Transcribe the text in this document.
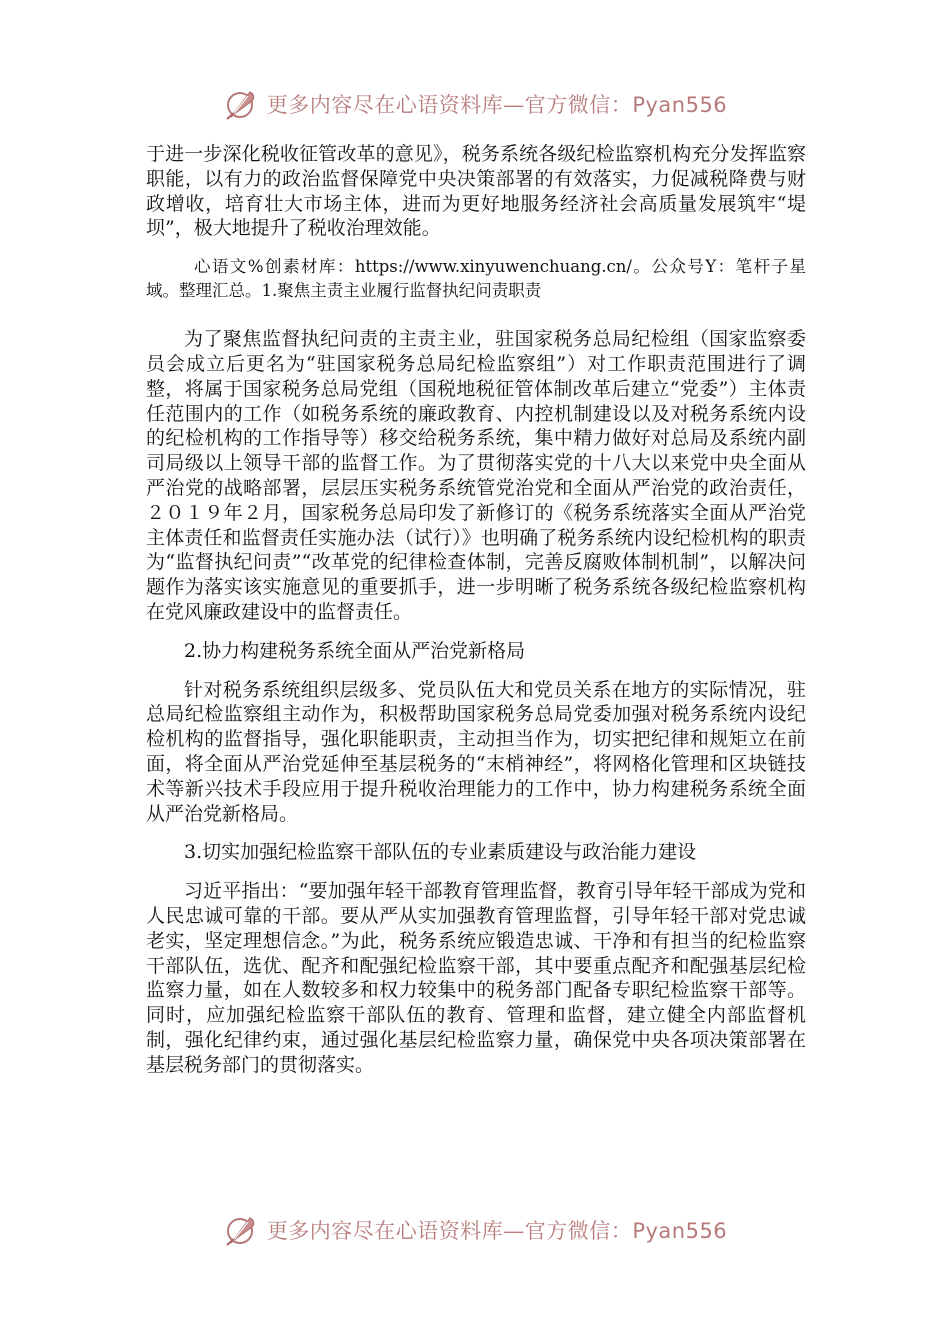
更多内容尽在心语资料库—官方微信：Pyan556

于进一步深化税收征管改革的意见》，税务系统各级纪检监察机构充分发挥监察职能，以有力的政治监督保障党中央决策部署的有效落实，力促减税降费与财政增收，培育壮大市场主体，进而为更好地服务经济社会高质量发展筑牢“堤坝”，极大地提升了税收治理效能。

心语文%创素材库：https://www.xinyuwenchuang.cn/。公众号Y：笔杆子星域。整理汇总。1.聚焦主责主业履行监督执纪问责职责

为了聚焦监督执纪问责的主责主业，驻国家税务总局纪检组（国家监察委员会成立后更名为“驻国家税务总局纪检监察组”）对工作职责范围进行了调整，将属于国家税务总局党组（国税地税征管体制改革后建立“党委”）主体责任范围内的工作（如税务系统的廉政教育、内控机制建设以及对税务系统内设的纪检机构的工作指导等）移交给税务系统，集中精力做好对总局及系统内副司局级以上领导干部的监督工作。为了贯彻落实党的十八大以来党中央全面从严治党的战略部署，层层压实税务系统管党治党和全面从严治党的政治责任，２０１９年２月，国家税务总局印发了新修订的《税务系统落实全面从严治党主体责任和监督责任实施办法（试行）》也明确了税务系统内设纪检机构的职责为“监督执纪问责”“改革党的纪律检查体制，完善反腐败体制机制”，以解决问题作为落实该实施意见的重要抓手，进一步明晰了税务系统各级纪检监察机构在党风廉政建设中的监督责任。

2.协力构建税务系统全面从严治党新格局

针对税务系统组织层级多、党员队伍大和党员关系在地方的实际情况，驻总局纪检监察组主动作为，积极帮助国家税务总局党委加强对税务系统内设纪检机构的监督指导，强化职能职责，主动担当作为，切实把纪律和规矩立在前面，将全面从严治党延伸至基层税务的“末梢神经”，将网格化管理和区块链技术等新兴技术手段应用于提升税收治理能力的工作中，协力构建税务系统全面从严治党新格局。

3.切实加强纪检监察干部队伍的专业素质建设与政治能力建设

习近平指出：“要加强年轻干部教育管理监督，教育引导年轻干部成为党和人民忠诚可靠的干部。要从严从实加强教育管理监督，引导年轻干部对党忠诚老实，坚定理想信念。”为此，税务系统应锻造忠诚、干净和有担当的纪检监察干部队伍，选优、配齐和配强纪检监察干部，其中要重点配齐和配强基层纪检监察力量，如在人数较多和权力较集中的税务部门配备专职纪检监察干部等。同时，应加强纪检监察干部队伍的教育、管理和监督，建立健全内部监督机制，强化纪律约束，通过强化基层纪检监察力量，确保党中央各项决策部署在基层税务部门的贯彻落实。

更多内容尽在心语资料库—官方微信：Pyan556
